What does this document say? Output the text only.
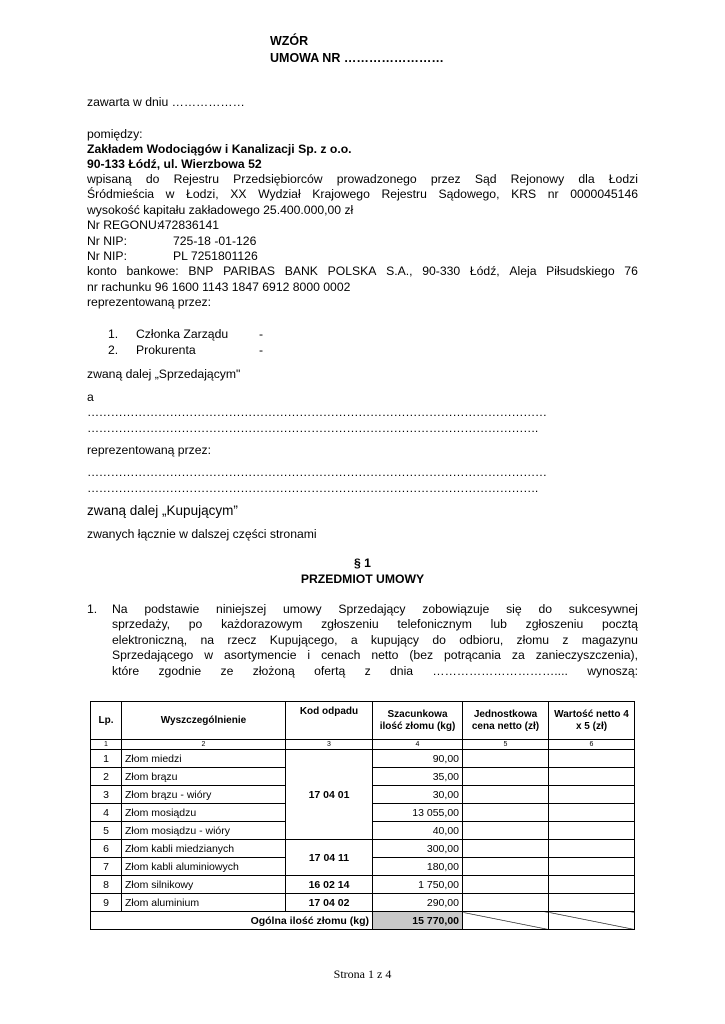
WZÓR
UMOWA NR ……………………
zawarta w dniu ………………
pomiędzy:
Zakładem Wodociągów i Kanalizacji Sp. z o.o.
90-133 Łódź, ul. Wierzbowa 52
wpisaną do Rejestru Przedsiębiorców prowadzonego przez Sąd Rejonowy dla Łodzi
Śródmieścia w Łodzi, XX Wydział Krajowego Rejestru Sądowego, KRS nr 0000045146
wysokość kapitału zakładowego 25.400.000,00 zł
Nr REGONU:
472836141
Nr NIP:	725-18 -01-126
Nr NIP:	PL 7251801126
konto bankowe: BNP PARIBAS BANK POLSKA S.A., 90-330 Łódź, Aleja Piłsudskiego 76
nr rachunku 96 1600 1143 1847 6912 8000 0002
reprezentowaną przez:
1. Członka Zarządu	-
2. Prokurenta	-
zwaną dalej „Sprzedającym"
a
………………………………………………………………………………………………………
…………………………………………………………………………………………………….
reprezentowaną przez:
………………………………………………………………………………………………………
…………………………………………………………………………………………………….
zwaną dalej „Kupującym”
zwanych łącznie w dalszej części stronami
§ 1
PRZEDMIOT UMOWY
1. Na podstawie niniejszej umowy Sprzedający zobowiązuje się do sukcesywnej
sprzedaży, po każdorazowym zgłoszeniu telefonicznym lub zgłoszeniu pocztą
elektroniczną, na rzecz Kupującego, a kupujący do odbioru, złomu z magazynu
Sprzedającego w asortymencie i cenach netto (bez potrącania za zanieczyszczenia),
które zgodnie ze złożoną ofertą z dnia ………………………….... wynoszą:
Lp.	Wyszczególnienie	Kod odpadu	Szacunkowa ilość złomu (kg)	Jednostkowa cena netto (zł)	Wartość netto 4 x 5 (zł)
1	2	3	4	5	6
1	Złom miedzi	17 04 01	90,00		
2	Złom brązu		35,00		
3	Złom brązu - wióry		30,00		
4	Złom mosiądzu		13 055,00		
5	Złom mosiądzu - wióry		40,00		
6	Złom kabli miedzianych	17 04 11	300,00		
7	Złom kabli aluminiowych		180,00		
8	Złom silnikowy	16 02 14	1 750,00		
9	Złom aluminium	17 04 02	290,00		
Ogólna ilość złomu (kg)			15 770,00		
Strona 1 z 4
